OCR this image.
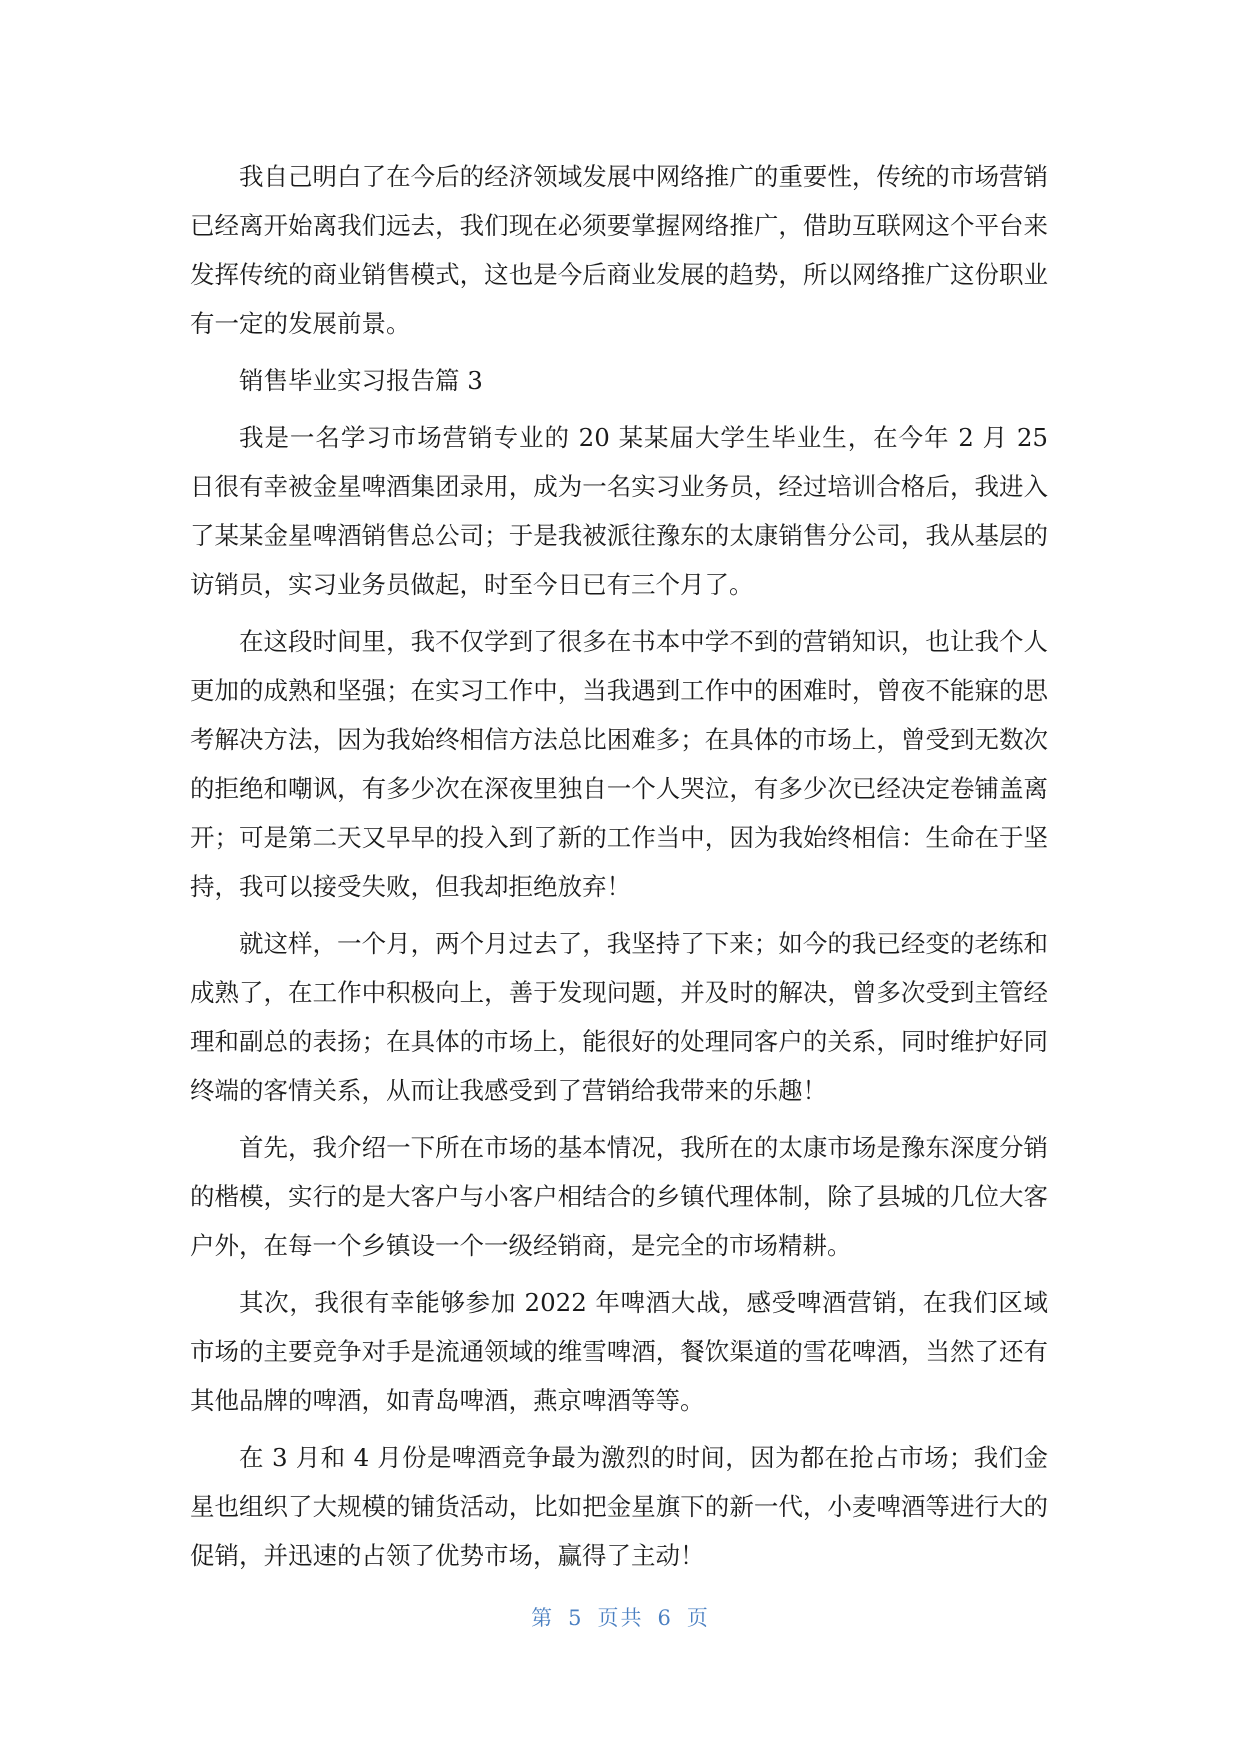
我自己明白了在今后的经济领域发展中网络推广的重要性，传统的市场营销已经离开始离我们远去，我们现在必须要掌握网络推广，借助互联网这个平台来发挥传统的商业销售模式，这也是今后商业发展的趋势，所以网络推广这份职业有一定的发展前景。

销售毕业实习报告篇 3

我是一名学习市场营销专业的 20 某某届大学生毕业生，在今年 2 月 25 日很有幸被金星啤酒集团录用，成为一名实习业务员，经过培训合格后，我进入了某某金星啤酒销售总公司；于是我被派往豫东的太康销售分公司，我从基层的访销员，实习业务员做起，时至今日已有三个月了。

在这段时间里，我不仅学到了很多在书本中学不到的营销知识，也让我个人更加的成熟和坚强；在实习工作中，当我遇到工作中的困难时，曾夜不能寐的思考解决方法，因为我始终相信方法总比困难多；在具体的市场上，曾受到无数次的拒绝和嘲讽，有多少次在深夜里独自一个人哭泣，有多少次已经决定卷铺盖离开；可是第二天又早早的投入到了新的工作当中，因为我始终相信：生命在于坚持，我可以接受失败，但我却拒绝放弃！

就这样，一个月，两个月过去了，我坚持了下来；如今的我已经变的老练和成熟了，在工作中积极向上，善于发现问题，并及时的解决，曾多次受到主管经理和副总的表扬；在具体的市场上，能很好的处理同客户的关系，同时维护好同终端的客情关系，从而让我感受到了营销给我带来的乐趣！

首先，我介绍一下所在市场的基本情况，我所在的太康市场是豫东深度分销的楷模，实行的是大客户与小客户相结合的乡镇代理体制，除了县城的几位大客户外，在每一个乡镇设一个一级经销商，是完全的市场精耕。

其次，我很有幸能够参加 2022 年啤酒大战，感受啤酒营销，在我们区域市场的主要竞争对手是流通领域的维雪啤酒，餐饮渠道的雪花啤酒，当然了还有其他品牌的啤酒，如青岛啤酒，燕京啤酒等等。

在 3 月和 4 月份是啤酒竞争最为激烈的时间，因为都在抢占市场；我们金星也组织了大规模的铺货活动，比如把金星旗下的新一代，小麦啤酒等进行大的促销，并迅速的占领了优势市场，赢得了主动！

第 5 页共 6 页
